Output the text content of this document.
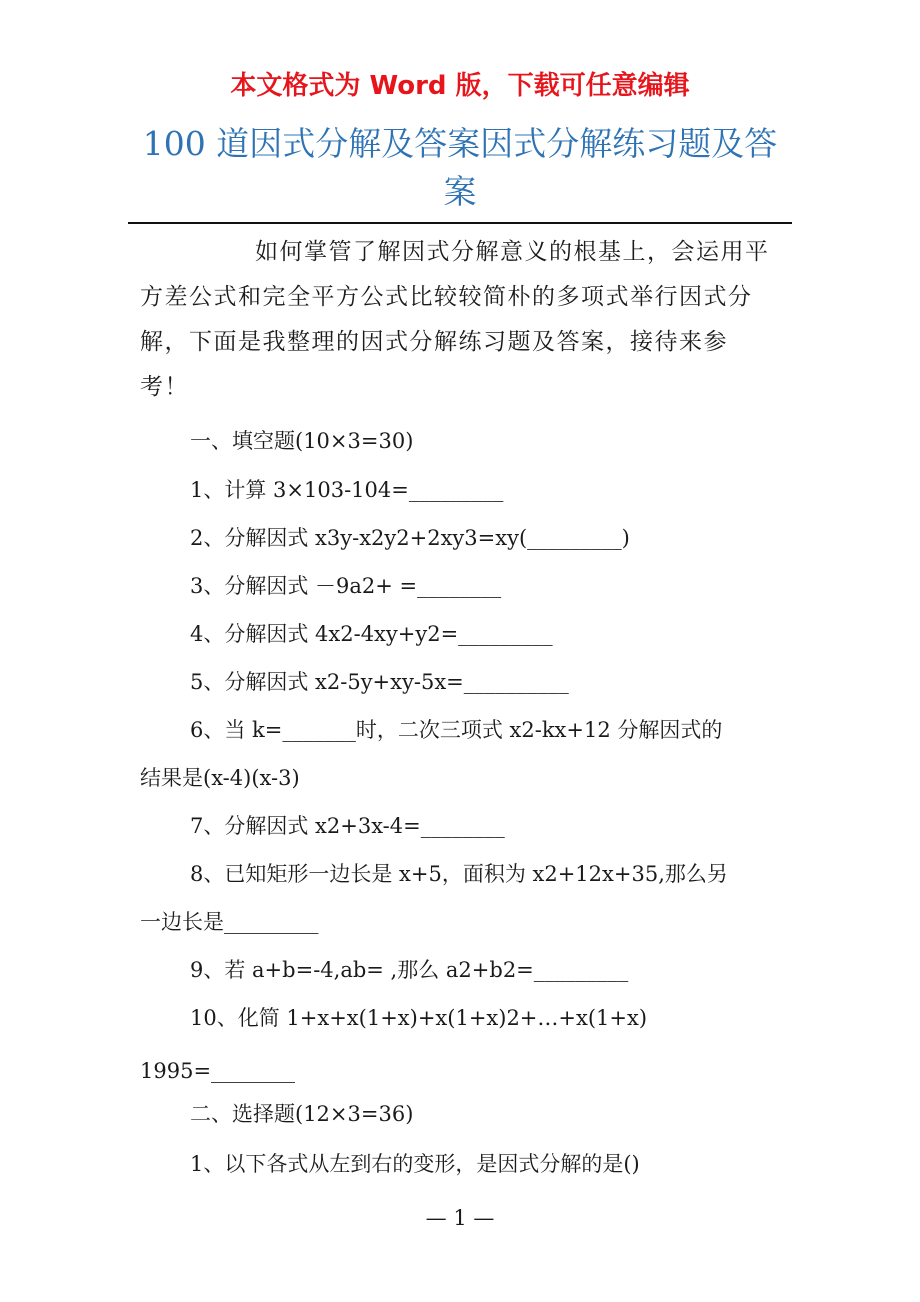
本文格式为 Word 版，下载可任意编辑
100 道因式分解及答案因式分解练习题及答案

如何掌管了解因式分解意义的根基上，会运用平方差公式和完全平方公式比较较简朴的多项式举行因式分解，下面是我整理的因式分解练习题及答案，接待来参考！

一、填空题(10×3=30)

1、计算 3×103-104=_________

2、分解因式 x3y-x2y2+2xy3=xy(_________)

3、分解因式 －9a2+ =________

4、分解因式 4x2-4xy+y2=_________

5、分解因式 x2-5y+xy-5x=__________

6、当 k=_______时，二次三项式 x2-kx+12 分解因式的

结果是(x-4)(x-3)

7、分解因式 x2+3x-4=________

8、已知矩形一边长是 x+5，面积为 x2+12x+35,那么另

一边长是_________

9、若 a+b=-4,ab= ,那么 a2+b2=_________

10、化简 1+x+x(1+x)+x(1+x)2+…+x(1+x)

1995=________

二、选择题(12×3=36)

1、以下各式从左到右的变形，是因式分解的是()

— 1 —
